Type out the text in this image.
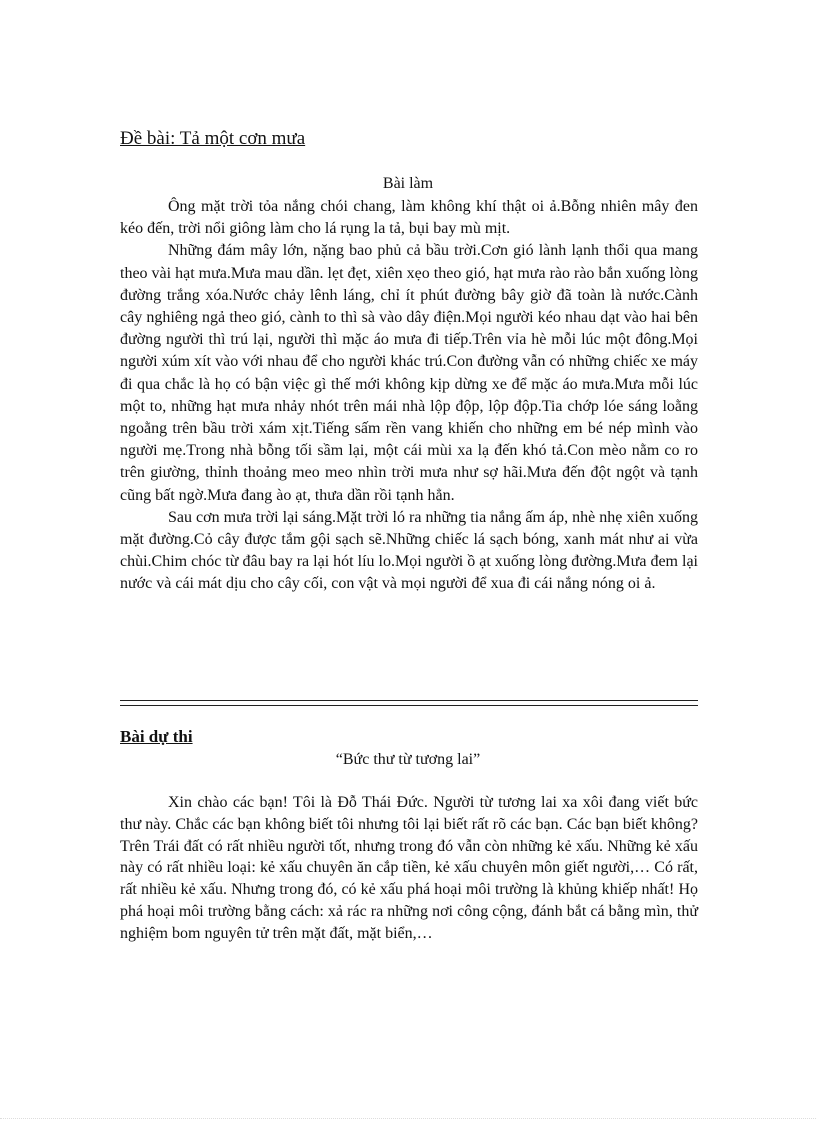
Đề bài: Tả một cơn mưa
Bài làm

Ông mặt trời tỏa nắng chói chang, làm không khí thật oi ả.Bỗng nhiên mây đen kéo đến, trời nổi giông làm cho lá rụng la tả, bụi bay mù mịt.

Những đám mây lớn, nặng bao phủ cả bầu trời.Cơn gió lành lạnh thổi qua mang theo vài hạt mưa.Mưa mau dần. lẹt đẹt, xiên xẹo theo gió, hạt mưa rào rào bắn xuống lòng đường trắng xóa.Nước chảy lênh láng, chỉ ít phút đường bây giờ đã toàn là nước.Cành cây nghiêng ngả theo gió, cành to thì sà vào dây điện.Mọi người kéo nhau dạt vào hai bên đường người thì trú lại, người thì mặc áo mưa đi tiếp.Trên vỉa hè mỗi lúc một đông.Mọi người xúm xít vào với nhau để cho người khác trú.Con đường vẫn có những chiếc xe máy đi qua chắc là họ có bận việc gì thế mới không kịp dừng xe để mặc áo mưa.Mưa mỗi lúc một to, những hạt mưa nhảy nhót trên mái nhà lộp độp, lộp độp.Tia chớp lóe sáng loằng ngoằng trên bầu trời xám xịt.Tiếng sấm rền vang khiến cho những em bé nép mình vào người mẹ.Trong nhà bỗng tối sầm lại, một cái mùi xa lạ đến khó tả.Con mèo nằm co ro trên giường, thỉnh thoảng meo meo nhìn trời mưa như sợ hãi.Mưa đến đột ngột và tạnh cũng bất ngờ.Mưa đang ào ạt, thưa dần rồi tạnh hẳn.

Sau cơn mưa trời lại sáng.Mặt trời ló ra những tia nắng ấm áp, nhè nhẹ xiên xuống mặt đường.Cỏ cây được tắm gội sạch sẽ.Những chiếc lá sạch bóng, xanh mát như ai vừa chùi.Chim chóc từ đâu bay ra lại hót líu lo.Mọi người ồ ạt xuống lòng đường.Mưa đem lại nước và cái mát dịu cho cây cối, con vật và mọi người để xua đi cái nắng nóng oi ả.

Bài dự thi
“Bức thư từ tương lai”

Xin chào các bạn! Tôi là Đỗ Thái Đức. Người từ tương lai xa xôi đang viết bức thư này. Chắc các bạn không biết tôi nhưng tôi lại biết rất rõ các bạn. Các bạn biết không? Trên Trái đất có rất nhiều người tốt, nhưng trong đó vẫn còn những kẻ xấu. Những kẻ xấu này có rất nhiều loại: kẻ xấu chuyên ăn cắp tiền, kẻ xấu chuyên môn giết người,… Có rất, rất nhiều kẻ xấu. Nhưng trong đó, có kẻ xấu phá hoại môi trường là khủng khiếp nhất! Họ phá hoại môi trường bằng cách: xả rác ra những nơi công cộng, đánh bắt cá bằng mìn, thử nghiệm bom nguyên tử trên mặt đất, mặt biển,…
